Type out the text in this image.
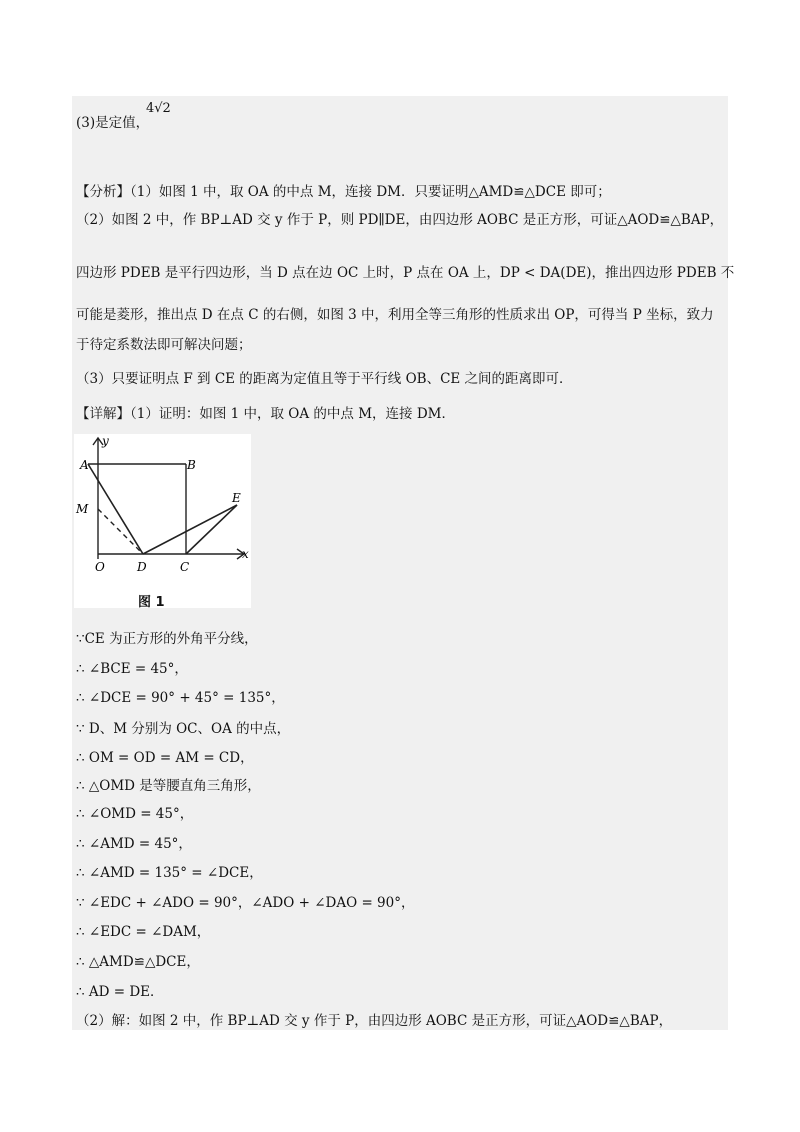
(3)是定值，
4√2
【分析】（1）如图 1 中，取 OA 的中点 M，连接 DM．只要证明△AMD≌△DCE 即可；
（2）如图 2 中，作 BP⊥AD 交 y 作于 P，则 PD∥DE，由四边形 AOBC 是正方形，可证△AOD≌△BAP，
四边形 PDEB 是平行四边形，当 D 点在边 OC 上时，P 点在 OA 上，DP < DA(DE)，推出四边形 PDEB 不
可能是菱形，推出点 D 在点 C 的右侧，如图 3 中，利用全等三角形的性质求出 OP，可得当 P 坐标，致力
于待定系数法即可解决问题；
（3）只要证明点 F 到 CE 的距离为定值且等于平行线 OB、CE 之间的距离即可．
【详解】（1）证明：如图 1 中，取 OA 的中点 M，连接 DM．
y
x
A	B
M
E
O	D	C
图 1
∵CE 为正方形的外角平分线，
∴ ∠BCE = 45°，
∴ ∠DCE = 90° + 45° = 135°，
∵ D、M 分别为 OC、OA 的中点，
∴ OM = OD = AM = CD，
∴ △OMD 是等腰直角三角形，
∴ ∠OMD = 45°，
∴ ∠AMD = 45°，
∴ ∠AMD = 135° = ∠DCE，
∵ ∠EDC + ∠ADO = 90°，∠ADO + ∠DAO = 90°，
∴ ∠EDC = ∠DAM，
∴ △AMD≌△DCE，
∴ AD = DE．
（2）解：如图 2 中，作 BP⊥AD 交 y 作于 P，由四边形 AOBC 是正方形，可证△AOD≌△BAP，
